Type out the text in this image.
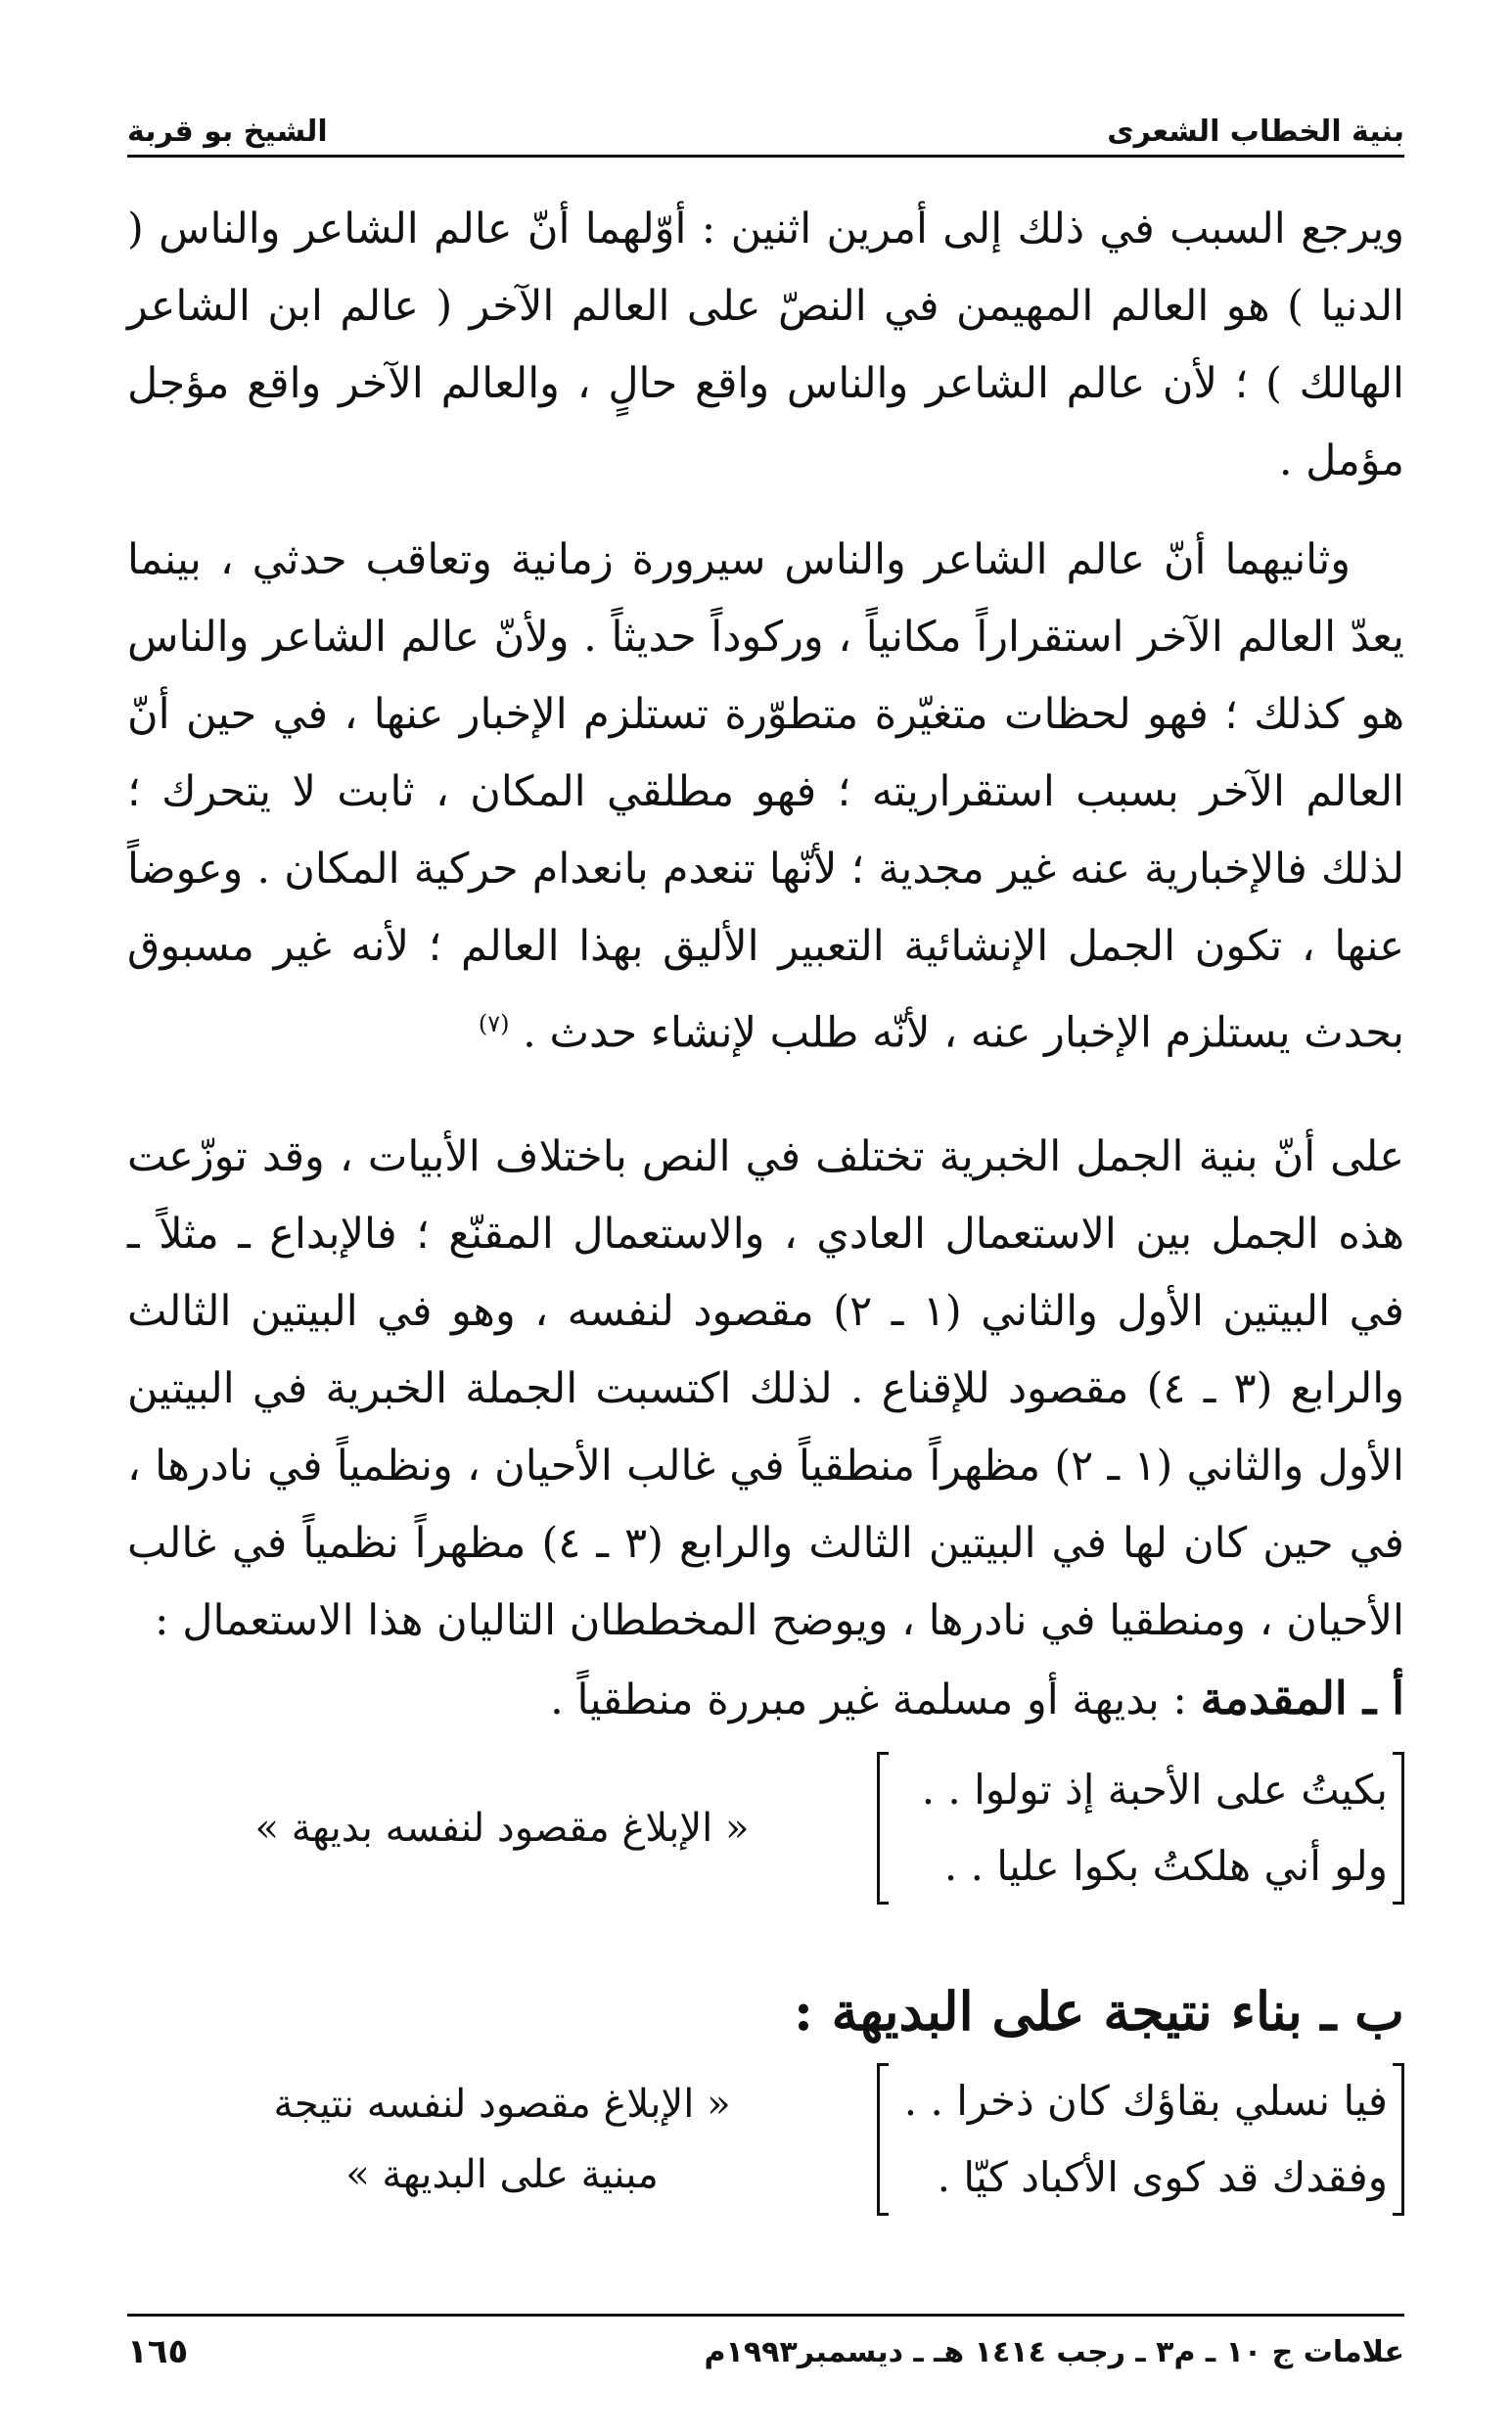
بنية الخطاب الشعرى
الشيخ بو قربة

ويرجع السبب في ذلك إلى أمرين اثنين : أوّلهما أنّ عالم الشاعر والناس ( الدنيا ) هو العالم المهيمن في النصّ على العالم الآخر ( عالم ابن الشاعر الهالك ) ؛ لأن عالم الشاعر والناس واقع حالٍ ، والعالم الآخر واقع مؤجل مؤمل .

وثانيهما أنّ عالم الشاعر والناس سيرورة زمانية وتعاقب حدثي ، بينما يعدّ العالم الآخر استقراراً مكانياً ، وركوداً حديثاً . ولأنّ عالم الشاعر والناس هو كذلك ؛ فهو لحظات متغيّرة متطوّرة تستلزم الإخبار عنها ، في حين أنّ العالم الآخر بسبب استقراريته ؛ فهو مطلقي المكان ، ثابت لا يتحرك ؛ لذلك فالإخبارية عنه غير مجدية ؛ لأنّها تنعدم بانعدام حركية المكان . وعوضاً عنها ، تكون الجمل الإنشائية التعبير الأليق بهذا العالم ؛ لأنه غير مسبوق بحدث يستلزم الإخبار عنه ، لأنّه طلب لإنشاء حدث . $^{(٧)}$

على أنّ بنية الجمل الخبرية تختلف في النص باختلاف الأبيات ، وقد توزّعت هذه الجمل بين الاستعمال العادي ، والاستعمال المقنّع ؛ فالإبداع ـ مثلاً ـ في البيتين الأول والثاني (١ ـ ٢) مقصود لنفسه ، وهو في البيتين الثالث والرابع (٣ ـ ٤) مقصود للإقناع . لذلك اكتسبت الجملة الخبرية في البيتين الأول والثاني (١ ـ ٢) مظهراً منطقياً في غالب الأحيان ، ونظمياً في نادرها ، في حين كان لها في البيتين الثالث والرابع (٣ ـ ٤) مظهراً نظمياً في غالب الأحيان ، ومنطقيا في نادرها ، ويوضح المخططان التاليان هذا الاستعمال :

أ ـ المقدمة : بديهة أو مسلمة غير مبررة منطقياً .
بكيتُ على الأحبة إذ تولوا . .
ولو أني هلكتُ بكوا عليا . .
« الإبلاغ مقصود لنفسه بديهة »
ب ـ بناء نتيجة على البديهة :
فيا نسلي بقاؤك كان ذخرا . .
وفقدك قد كوى الأكباد كيّا .
« الإبلاغ مقصود لنفسه نتيجة
مبنية على البديهة »
علامات ج ١٠ ـ م٣ ـ رجب ١٤١٤ هـ ـ ديسمبر١٩٩٣م
١٦٥
